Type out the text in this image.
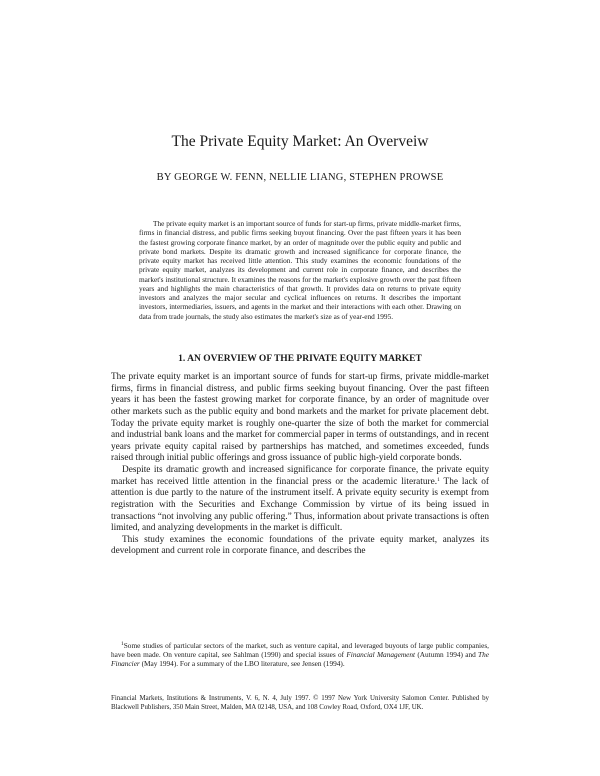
The Private Equity Market: An Overveiw
BY GEORGE W. FENN, NELLIE LIANG, STEPHEN PROWSE

The private equity market is an important source of funds for start-up firms, private middle-market firms, firms in financial distress, and public firms seeking buyout financing. Over the past fifteen years it has been the fastest growing corporate finance market, by an order of magnitude over the public equity and public and private bond markets. Despite its dramatic growth and increased significance for corporate finance, the private equity market has received little attention. This study examines the economic foundations of the private equity market, analyzes its development and current role in corporate finance, and describes the market's institutional structure. It examines the reasons for the market's explosive growth over the past fifteen years and highlights the main characteristics of that growth. It provides data on returns to private equity investors and analyzes the major secular and cyclical influences on returns. It describes the important investors, intermediaries, issuers, and agents in the market and their interactions with each other. Drawing on data from trade journals, the study also estimates the market's size as of year-end 1995.

1. AN OVERVIEW OF THE PRIVATE EQUITY MARKET

The private equity market is an important source of funds for start-up firms, private middle-market firms, firms in financial distress, and public firms seeking buyout financing. Over the past fifteen years it has been the fastest growing market for corporate finance, by an order of magnitude over other markets such as the public equity and bond markets and the market for private placement debt. Today the private equity market is roughly one-quarter the size of both the market for commercial and industrial bank loans and the market for commercial paper in terms of outstandings, and in recent years private equity capital raised by partnerships has matched, and sometimes exceeded, funds raised through initial public offerings and gross issuance of public high-yield corporate bonds.

Despite its dramatic growth and increased significance for corporate finance, the private equity market has received little attention in the financial press or the academic literature.$^1$ The lack of attention is due partly to the nature of the instrument itself. A private equity security is exempt from registration with the Securities and Exchange Commission by virtue of its being issued in transactions “not involving any public offering.” Thus, information about private transactions is often limited, and analyzing developments in the market is difficult.

This study examines the economic foundations of the private equity market, analyzes its development and current role in corporate finance, and describes the

$^1$Some studies of particular sectors of the market, such as venture capital, and leveraged buyouts of large public companies, have been made. On venture capital, see Sahlman (1990) and special issues of Financial Management (Autumn 1994) and The Financier (May 1994). For a summary of the LBO literature, see Jensen (1994).

Financial Markets, Institutions & Instruments, V. 6, N. 4, July 1997. © 1997 New York University Salomon Center. Published by Blackwell Publishers, 350 Main Street, Malden, MA 02148, USA, and 108 Cowley Road, Oxford, OX4 1JF, UK.
